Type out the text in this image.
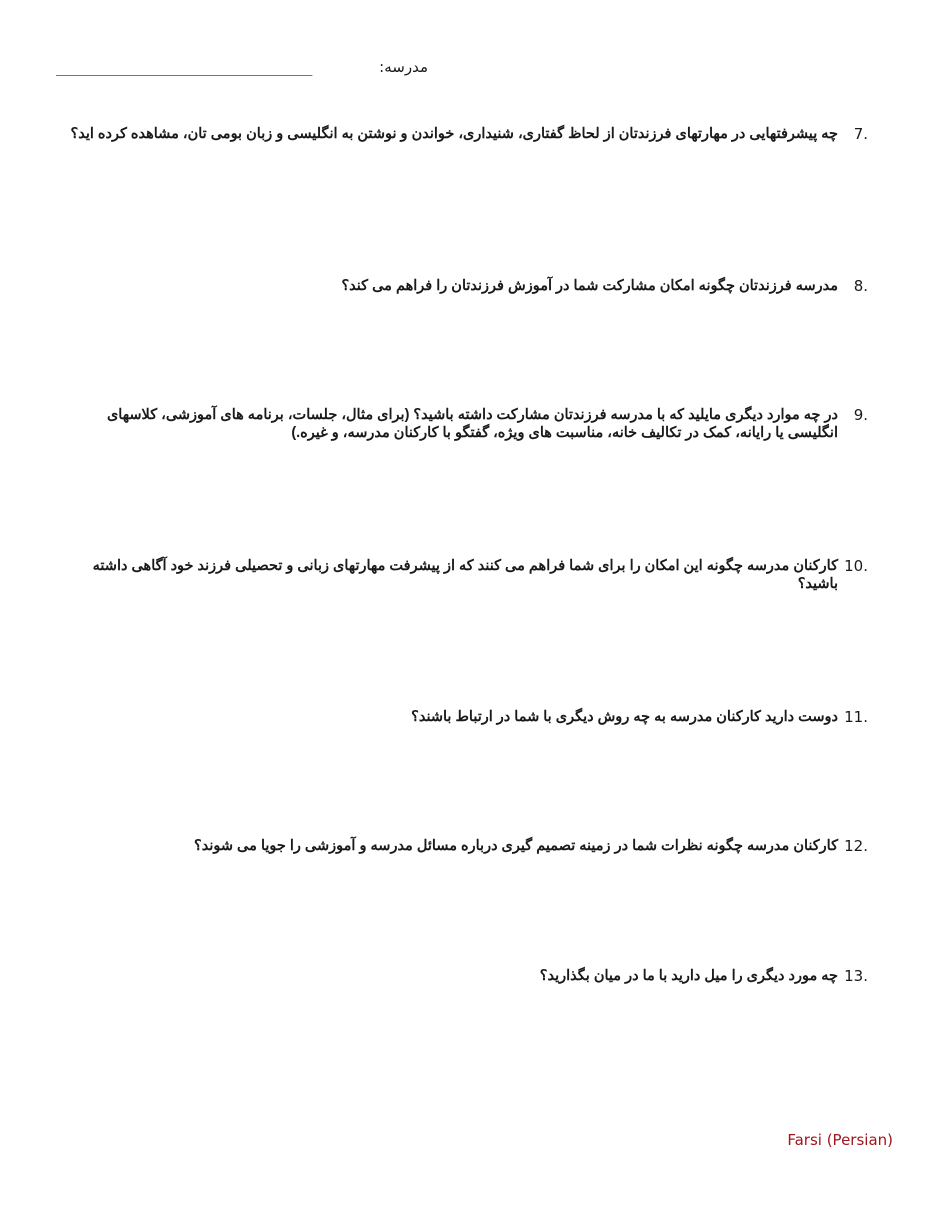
______________________________	مدرسه:
7.
چه پیشرفتهایی در مهارتهای فرزندتان از لحاظ گفتاری، شنیداری، خواندن و نوشتن به انگلیسی و زبان بومی تان، مشاهده کرده اید؟
8.
مدرسه فرزندتان چگونه امکان مشارکت شما در آموزش فرزندتان را فراهم می کند؟
9.
در چه موارد دیگری مایلید که با مدرسه فرزندتان مشارکت داشته باشید؟ (برای مثال، جلسات، برنامه های آموزشی، کلاسهای انگلیسی یا رایانه، کمک در تکالیف خانه، مناسبت های ویژه، گفتگو با کارکنان مدرسه، و غیره.)
10.
کارکنان مدرسه چگونه این امکان را برای شما فراهم می کنند که از پیشرفت مهارتهای زبانی و تحصیلی فرزند خود آگاهی داشته باشید؟
11.
دوست دارید کارکنان مدرسه به چه روش دیگری با شما در ارتباط باشند؟
12.
کارکنان مدرسه چگونه نظرات شما در زمینه تصمیم گیری درباره مسائل مدرسه و آموزشی را جویا می شوند؟
13.
چه مورد دیگری را میل دارید با ما در میان بگذارید؟
Farsi (Persian)
